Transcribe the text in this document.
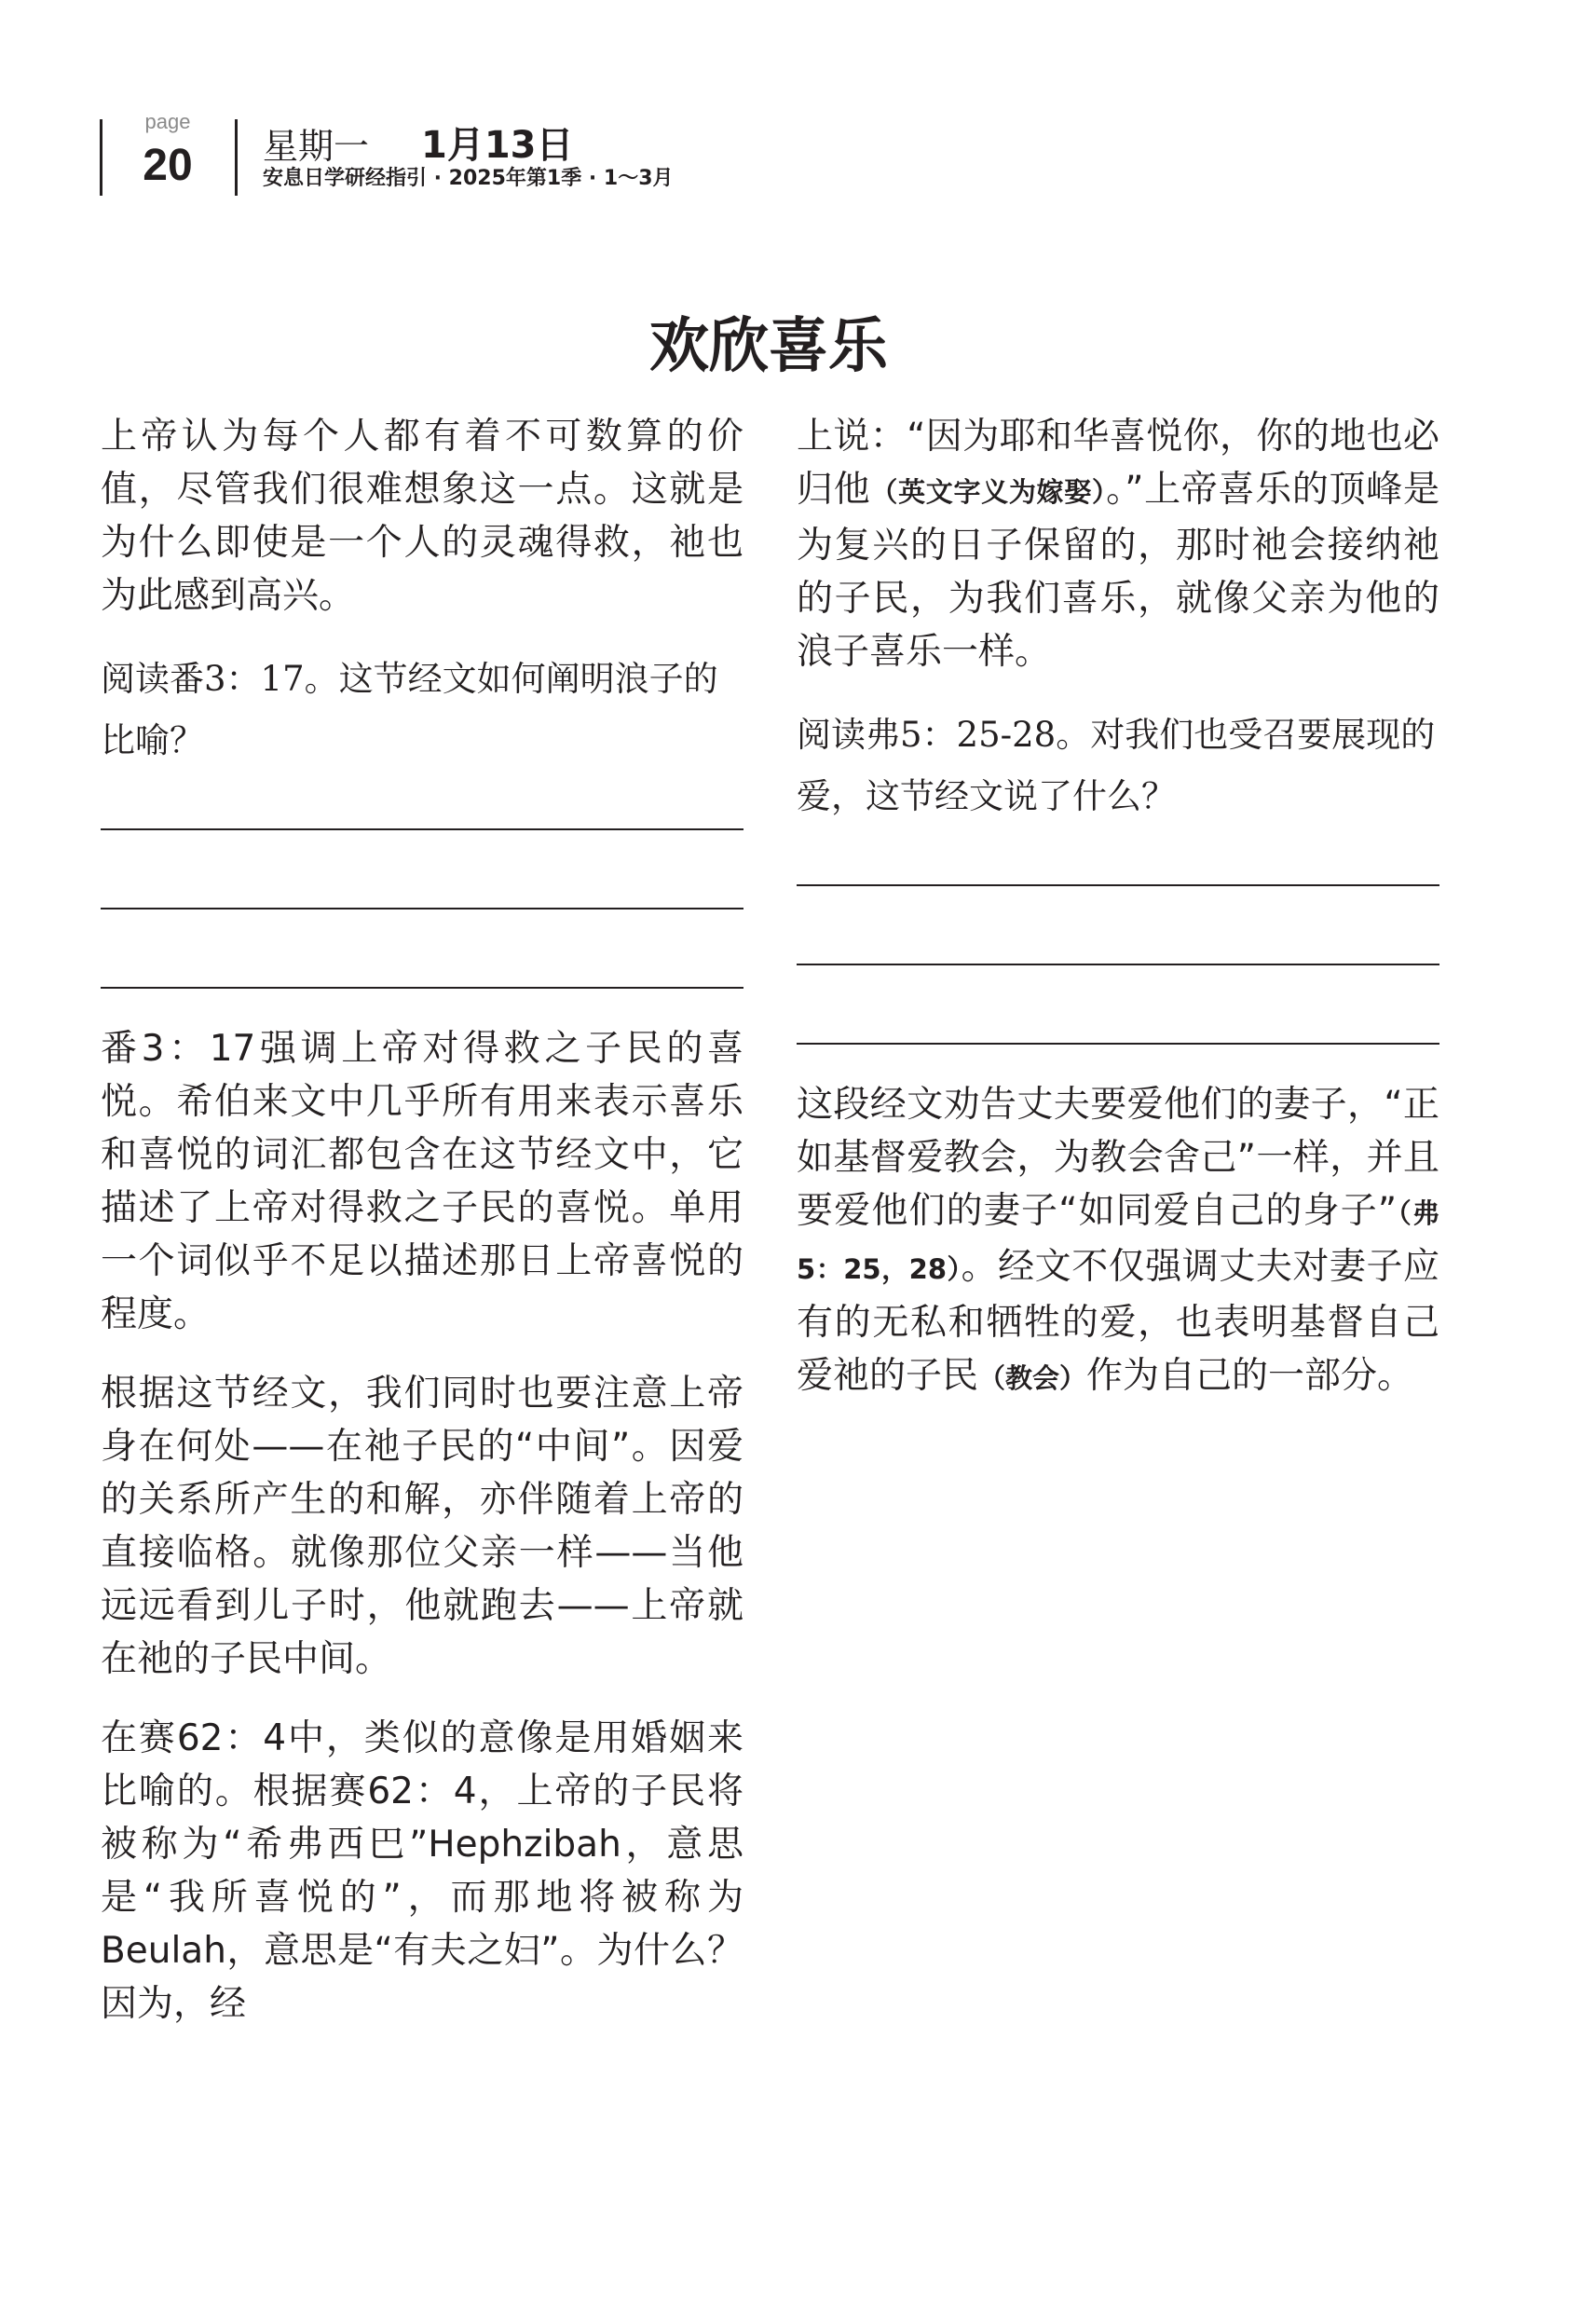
page
20	星期一 1月13日
安息日学研经指引 · 2025年第1季 · 1～3月
欢欣喜乐

上帝认为每个人都有着不可数算的价值，尽管我们很难想象这一点。这就是为什么即使是一个人的灵魂得救，祂也为此感到高兴。

阅读番3：17。这节经文如何阐明浪子的比喻？

番3：17强调上帝对得救之子民的喜悦。希伯来文中几乎所有用来表示喜乐和喜悦的词汇都包含在这节经文中，它描述了上帝对得救之子民的喜悦。单用一个词似乎不足以描述那日上帝喜悦的程度。

根据这节经文，我们同时也要注意上帝身在何处——在祂子民的“中间”。因爱的关系所产生的和解，亦伴随着上帝的直接临格。就像那位父亲一样——当他远远看到儿子时，他就跑去——上帝就在祂的子民中间。

在赛62：4中，类似的意像是用婚姻来比喻的。根据赛62：4，上帝的子民将被称为“希弗西巴”Hephzibah，意思是“我所喜悦的”，而那地将被称为Beulah，意思是“有夫之妇”。为什么？因为，经

上说：“因为耶和华喜悦你，你的地也必归他（英文字义为嫁娶）。”上帝喜乐的顶峰是为复兴的日子保留的，那时祂会接纳祂的子民，为我们喜乐，就像父亲为他的浪子喜乐一样。

阅读弗5：25-28。对我们也受召要展现的爱，这节经文说了什么？

这段经文劝告丈夫要爱他们的妻子，“正如基督爱教会，为教会舍己”一样，并且要爱他们的妻子“如同爱自己的身子”（弗5：25，28）。经文不仅强调丈夫对妻子应有的无私和牺牲的爱，也表明基督自己爱祂的子民（教会）作为自己的一部分。
